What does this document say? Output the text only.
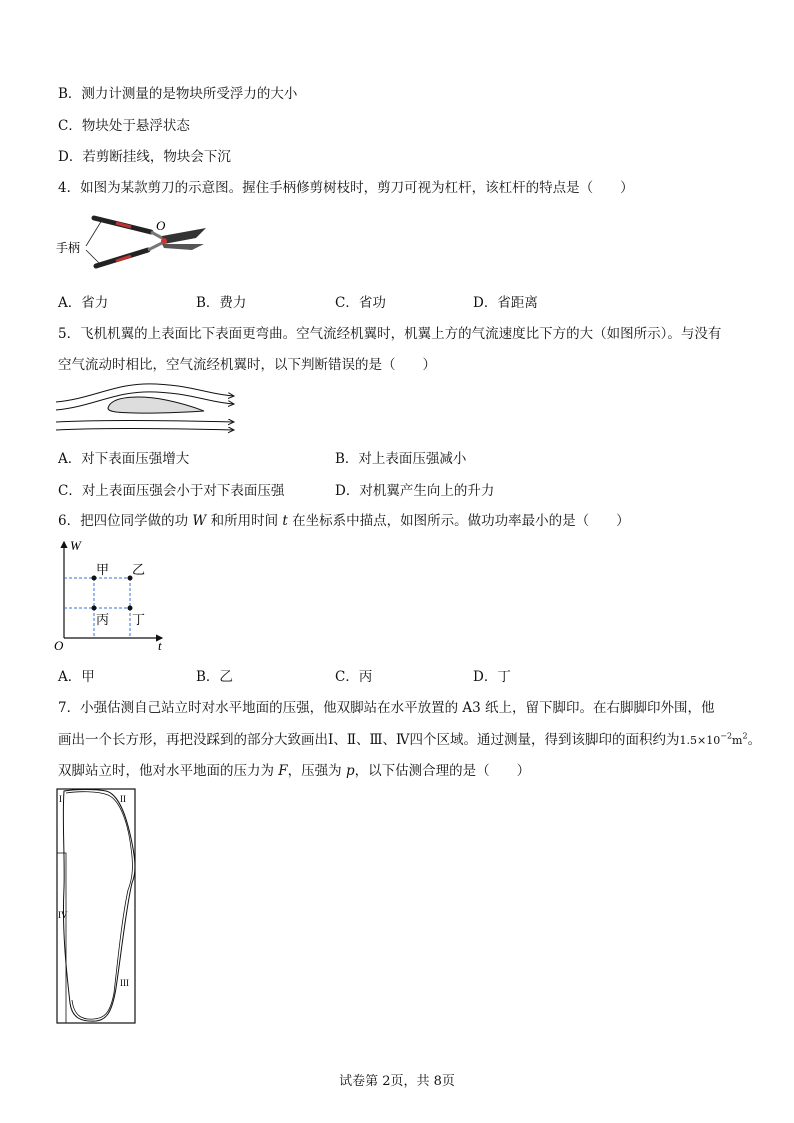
B．测力计测量的是物块所受浮力的大小
C．物块处于悬浮状态
D．若剪断挂线，物块会下沉
4．如图为某款剪刀的示意图。握住手柄修剪树枝时，剪刀可视为杠杆，该杠杆的特点是（　　）
O
手柄
A．省力	B．费力	C．省功	D．省距离
5．飞机机翼的上表面比下表面更弯曲。空气流经机翼时，机翼上方的气流速度比下方的大（如图所示）。与没有
空气流动时相比，空气流经机翼时，以下判断错误的是（　　）
A．对下表面压强增大	B．对上表面压强减小
C．对上表面压强会小于对下表面压强	D．对机翼产生向上的升力
6．把四位同学做的功 W 和所用时间 t 在坐标系中描点，如图所示。做功功率最小的是（　　）
甲 乙
丙 丁
W
t
O
A．甲	B．乙	C．丙	D．丁
7．小强估测自己站立时对水平地面的压强，他双脚站在水平放置的 A3 纸上，留下脚印。在右脚脚印外围，他
画出一个长方形，再把没踩到的部分大致画出Ⅰ、Ⅱ、Ⅲ、Ⅳ四个区域。通过测量，得到该脚印的面积约为$1.5\times 10^{-2}m^2$。
双脚站立时，他对水平地面的压力为 F，压强为 p，以下估测合理的是（　　）
I	II
III
IV
试卷第 2页，共 8页
